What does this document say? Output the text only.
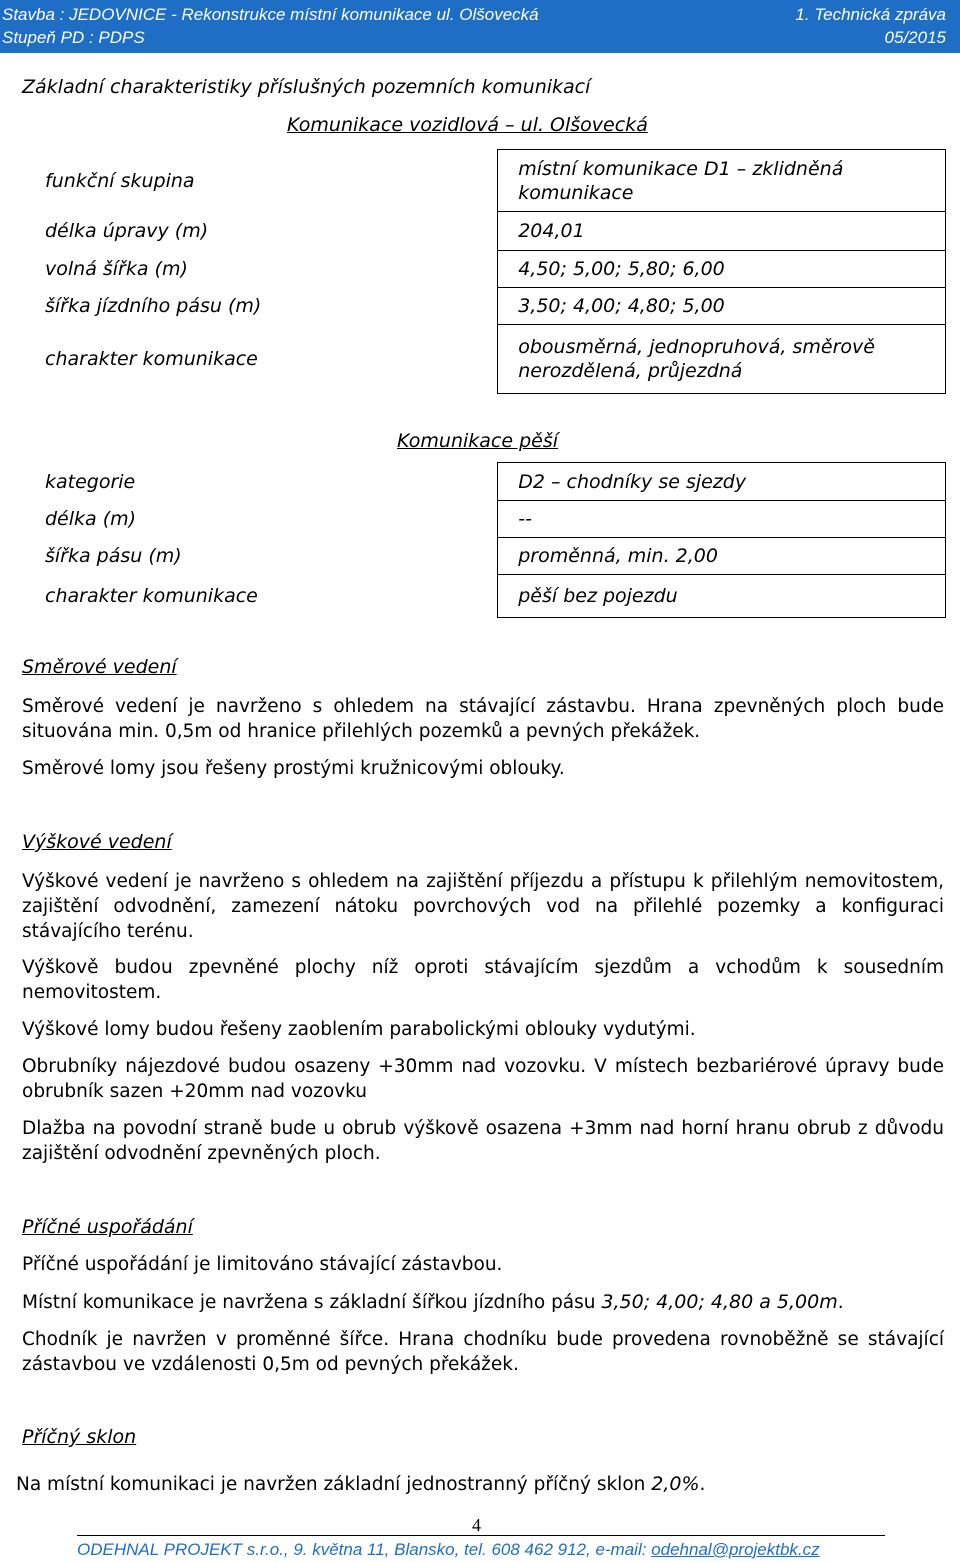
Stavba : JEDOVNICE - Rekonstrukce místní komunikace ul. Olšovecká	1. Technická zpráva
Stupeň PD : PDPS	05/2015
Základní charakteristiky příslušných pozemních komunikací
Komunikace vozidlová – ul. Olšovecká
funkční skupina	místní komunikace D1 – zklidněná komunikace
délka úpravy (m)	204,01
volná šířka (m)	4,50; 5,00; 5,80; 6,00
šířka jízdního pásu (m)	3,50; 4,00; 4,80; 5,00
charakter komunikace	obousměrná, jednopruhová, směrově nerozdělená, průjezdná
Komunikace pěší
kategorie	D2 – chodníky se sjezdy
délka (m)	--
šířka pásu (m)	proměnná, min. 2,00
charakter komunikace	pěší bez pojezdu
Směrové vedení
Směrové vedení je navrženo s ohledem na stávající zástavbu. Hrana zpevněných ploch bude situována min. 0,5m od hranice přilehlých pozemků a pevných překážek.
Směrové lomy jsou řešeny prostými kružnicovými oblouky.
Výškové vedení
Výškové vedení je navrženo s ohledem na zajištění příjezdu a přístupu k přilehlým nemovitostem, zajištění odvodnění, zamezení nátoku povrchových vod na přilehlé pozemky a konfiguraci stávajícího terénu.
Výškově budou zpevněné plochy níž oproti stávajícím sjezdům a vchodům k sousedním nemovitostem.
Výškové lomy budou řešeny zaoblením parabolickými oblouky vydutými.
Obrubníky nájezdové budou osazeny +30mm nad vozovku. V místech bezbariérové úpravy bude obrubník sazen +20mm nad vozovku
Dlažba na povodní straně bude u obrub výškově osazena +3mm nad horní hranu obrub z důvodu zajištění odvodnění zpevněných ploch.
Příčné uspořádání
Příčné uspořádání je limitováno stávající zástavbou.
Místní komunikace je navržena s základní šířkou jízdního pásu 3,50; 4,00; 4,80 a 5,00m.
Chodník je navržen v proměnné šířce. Hrana chodníku bude provedena rovnoběžně se stávající zástavbou ve vzdálenosti 0,5m od pevných překážek.
Příčný sklon
Na místní komunikaci je navržen základní jednostranný příčný sklon 2,0%.
4
ODEHNAL PROJEKT s.r.o., 9. května 11, Blansko, tel. 608 462 912, e-mail: odehnal@projektbk.cz
